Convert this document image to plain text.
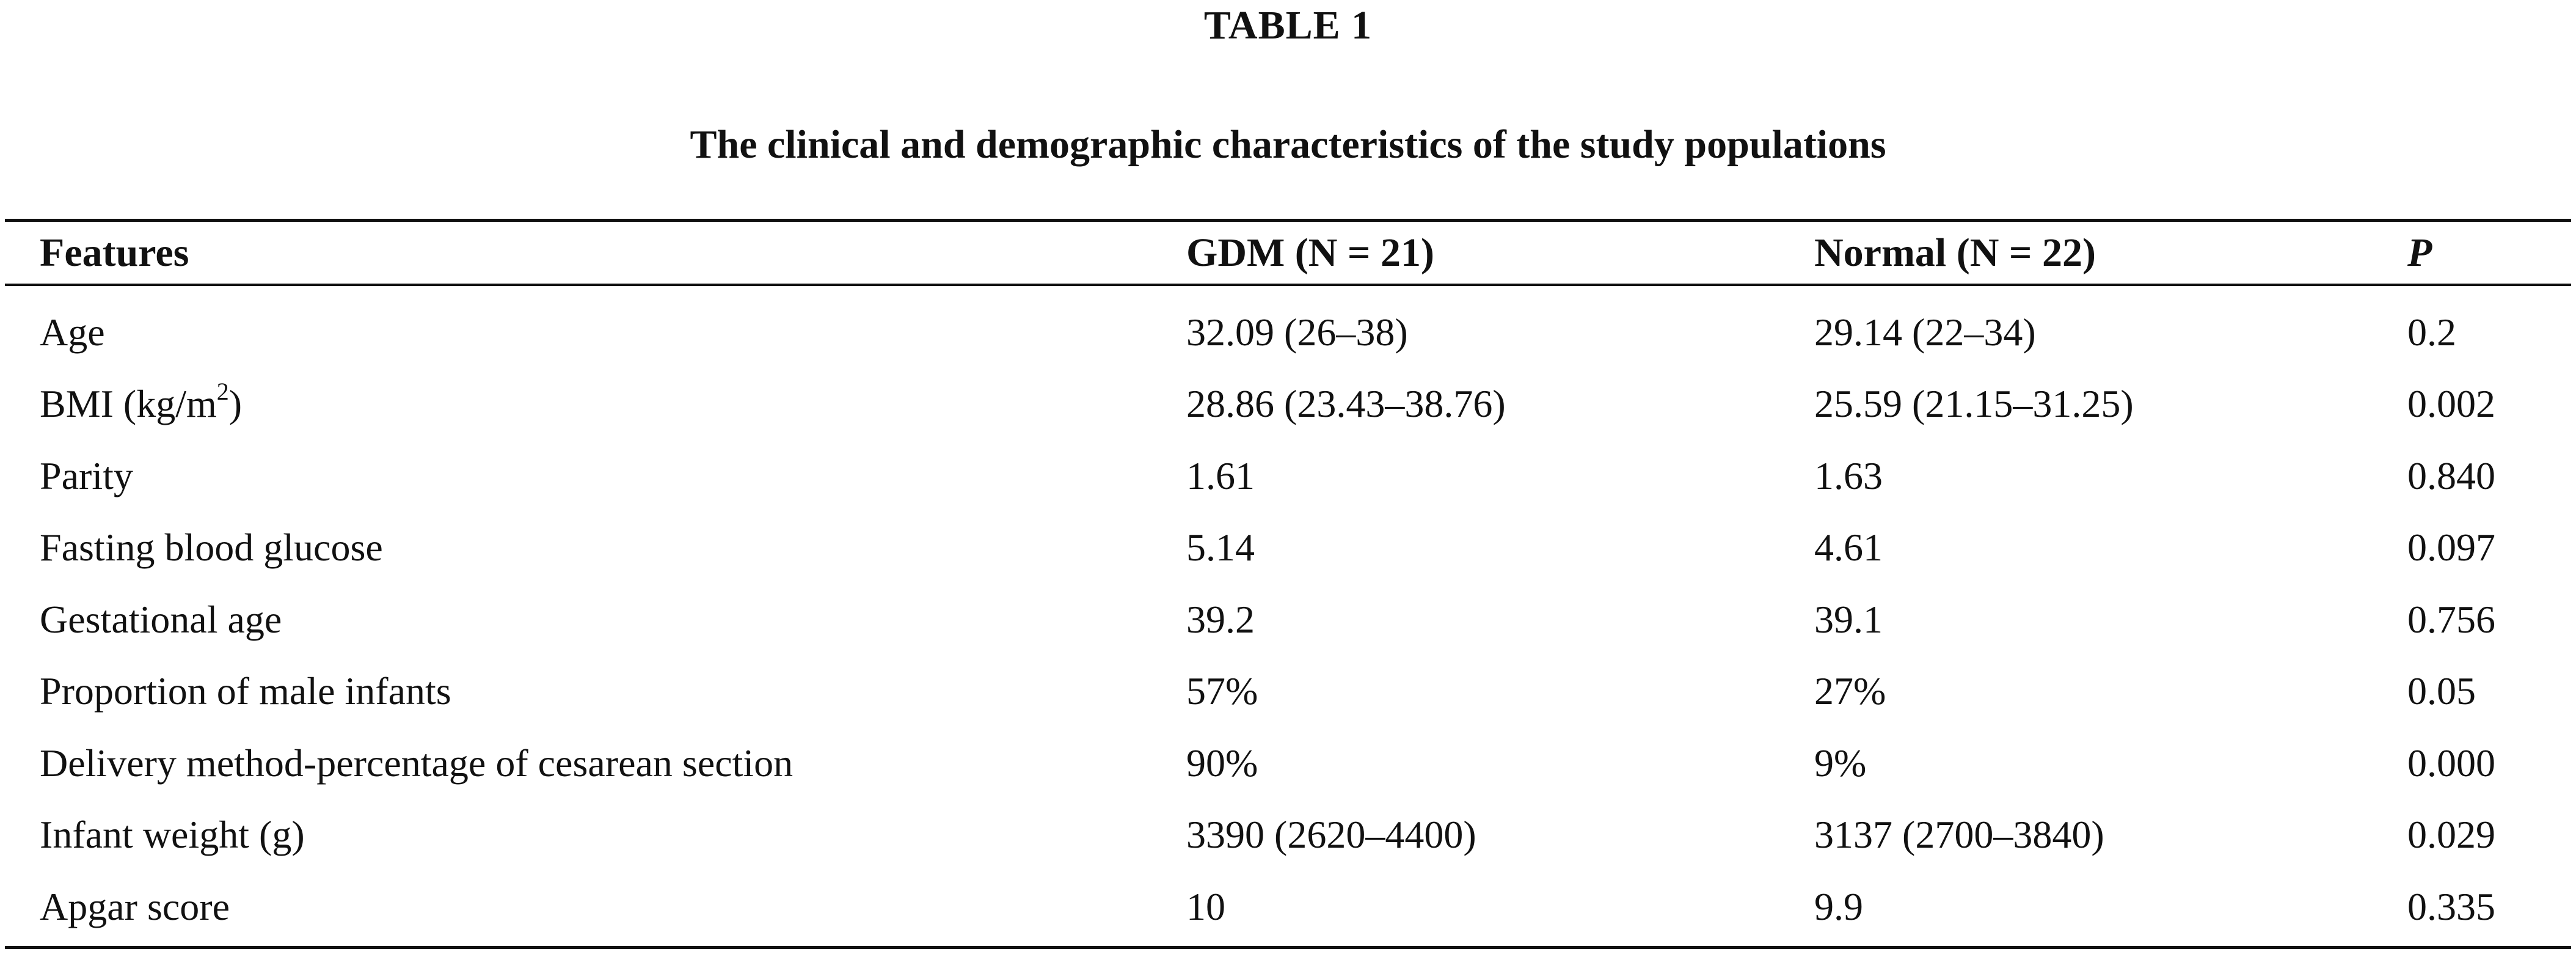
TABLE 1
The clinical and demographic characteristics of the study populations
Features	GDM (N = 21)	Normal (N = 22)	P

Age	32.09 (26–38)	29.14 (22–34)	0.2
BMI $(kg/m^2)$	28.86 (23.43–38.76)	25.59 (21.15–31.25)	0.002
Parity	1.61	1.63	0.840
Fasting blood glucose	5.14	4.61	0.097
Gestational age	39.2	39.1	0.756
Proportion of male infants	57%	27%	0.05
Delivery method-percentage of cesarean section	90%	9%	0.000
Infant weight (g)	3390 (2620–4400)	3137 (2700–3840)	0.029
Apgar score	10	9.9	0.335
